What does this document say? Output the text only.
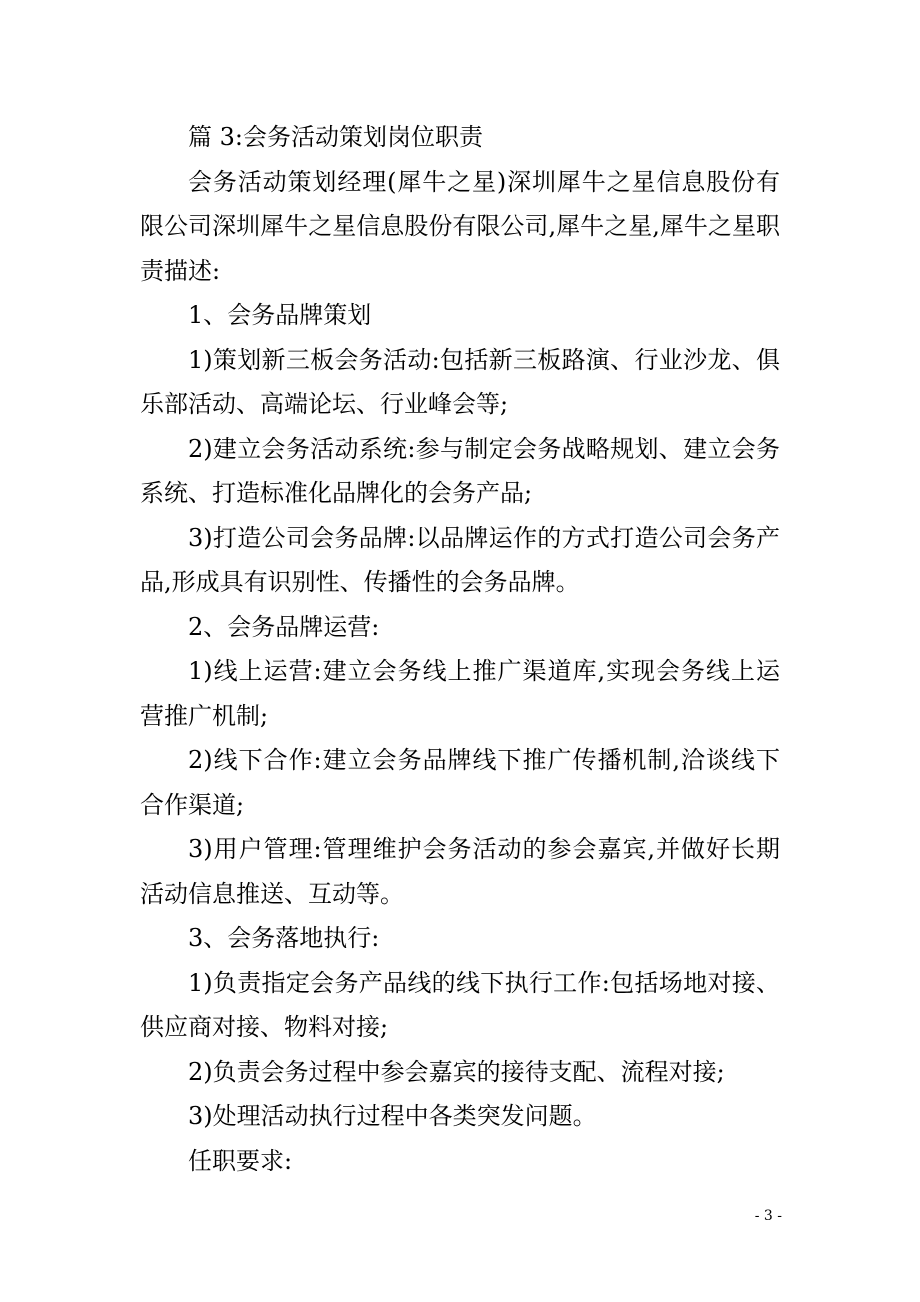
篇 3:会务活动策划岗位职责

会务活动策划经理(犀牛之星)深圳犀牛之星信息股份有限公司深圳犀牛之星信息股份有限公司,犀牛之星,犀牛之星职责描述:

1、会务品牌策划

1)策划新三板会务活动:包括新三板路演、行业沙龙、俱乐部活动、高端论坛、行业峰会等;

2)建立会务活动系统:参与制定会务战略规划、建立会务系统、打造标准化品牌化的会务产品;

3)打造公司会务品牌:以品牌运作的方式打造公司会务产品,形成具有识别性、传播性的会务品牌。

2、会务品牌运营:

1)线上运营:建立会务线上推广渠道库,实现会务线上运营推广机制;

2)线下合作:建立会务品牌线下推广传播机制,洽谈线下合作渠道;

3)用户管理:管理维护会务活动的参会嘉宾,并做好长期活动信息推送、互动等。

3、会务落地执行:

1)负责指定会务产品线的线下执行工作:包括场地对接、供应商对接、物料对接;

2)负责会务过程中参会嘉宾的接待支配、流程对接;

3)处理活动执行过程中各类突发问题。

任职要求:

- 3 -
